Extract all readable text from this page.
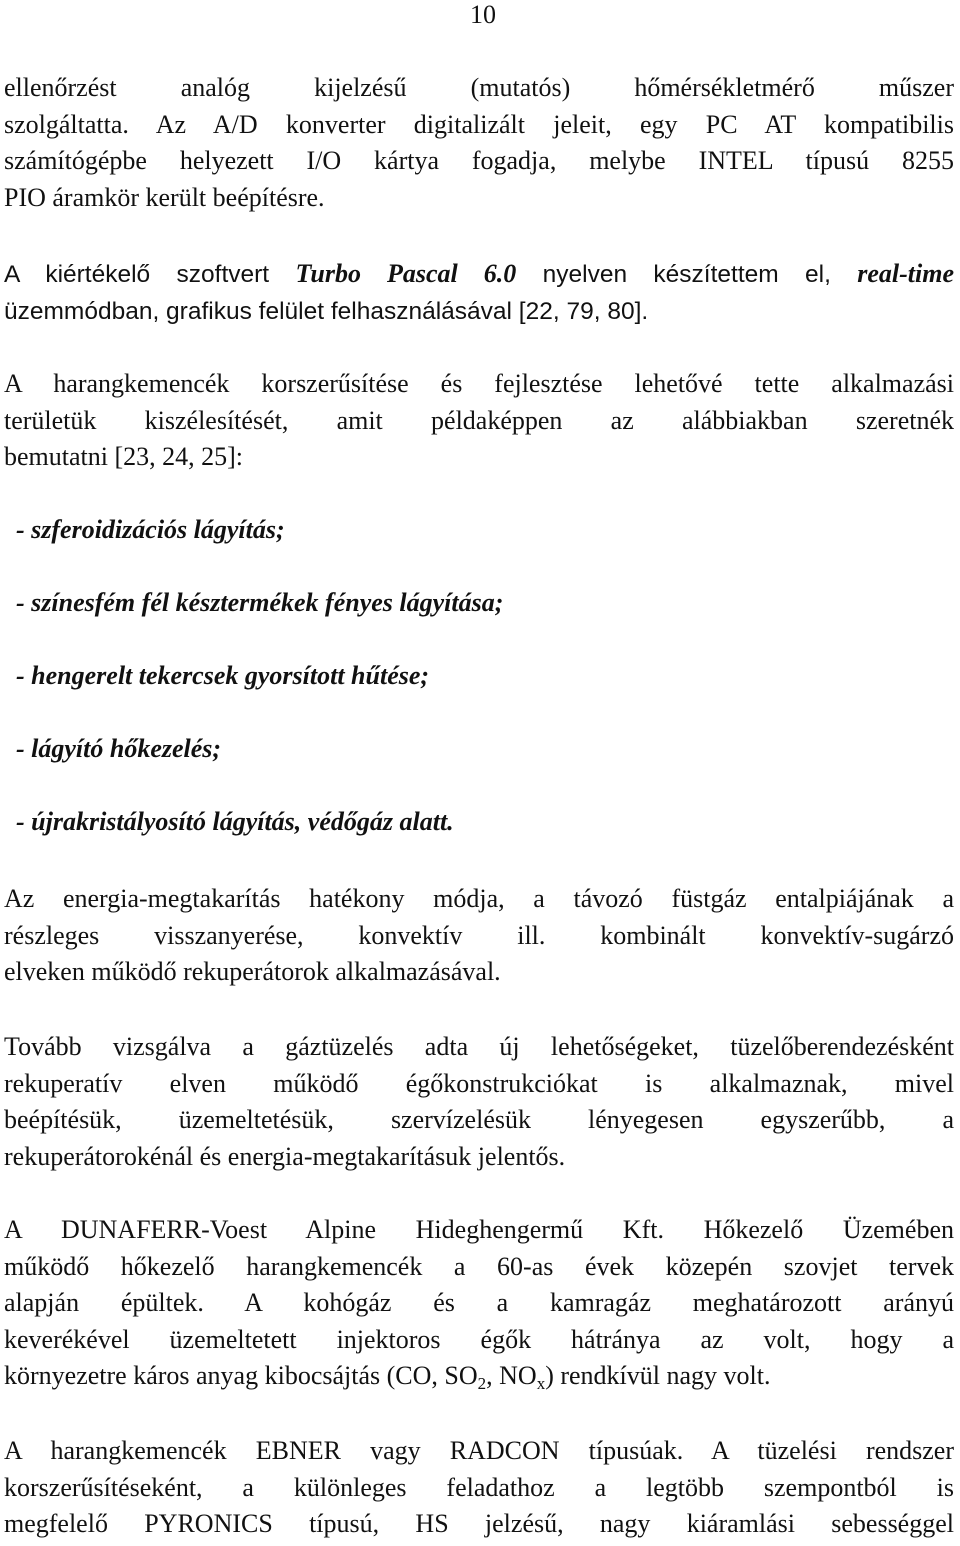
10
ellenőrzést analóg kijelzésű (mutatós) hőmérsékletmérő műszer
szolgáltatta. Az A/D konverter digitalizált jeleit, egy PC AT kompatibilis
számítógépbe helyezett I/O kártya fogadja, melybe INTEL típusú 8255
PIO áramkör került beépítésre.
A kiértékelő szoftvert Turbo Pascal 6.0 nyelven készítettem el, real-time
üzemmódban, grafikus felület felhasználásával [22, 79, 80].
A harangkemencék korszerűsítése és fejlesztése lehetővé tette alkalmazási
területük kiszélesítését, amit példaképpen az alábbiakban szeretnék
bemutatni [23, 24, 25]:
- szferoidizációs lágyítás;
- színesfém fél késztermékek fényes lágyítása;
- hengerelt tekercsek gyorsított hűtése;
- lágyító hőkezelés;
- újrakristályosító lágyítás, védőgáz alatt.
Az energia-megtakarítás hatékony módja, a távozó füstgáz entalpiájának a
részleges visszanyerése, konvektív ill. kombinált konvektív-sugárzó
elveken működő rekuperátorok alkalmazásával.
Tovább vizsgálva a gáztüzelés adta új lehetőségeket, tüzelőberendezésként
rekuperatív elven működő égőkonstrukciókat is alkalmaznak, mivel
beépítésük, üzemeltetésük, szervízelésük lényegesen egyszerűbb, a
rekuperátorokénál és energia-megtakarításuk jelentős.
A DUNAFERR-Voest Alpine Hideghengermű Kft. Hőkezelő Üzemében
működő hőkezelő harangkemencék a 60-as évek közepén szovjet tervek
alapján épültek. A kohógáz és a kamragáz meghatározott arányú
keverékével üzemeltetett injektoros égők hátránya az volt, hogy a
környezetre káros anyag kibocsájtás (CO, $SO_2$, $NO_x$) rendkívül nagy volt.
A harangkemencék EBNER vagy RADCON típusúak. A tüzelési rendszer
korszerűsítéseként, a különleges feladathoz a legtöbb szempontból is
megfelelő PYRONICS típusú, HS jelzésű, nagy kiáramlási sebességgel
